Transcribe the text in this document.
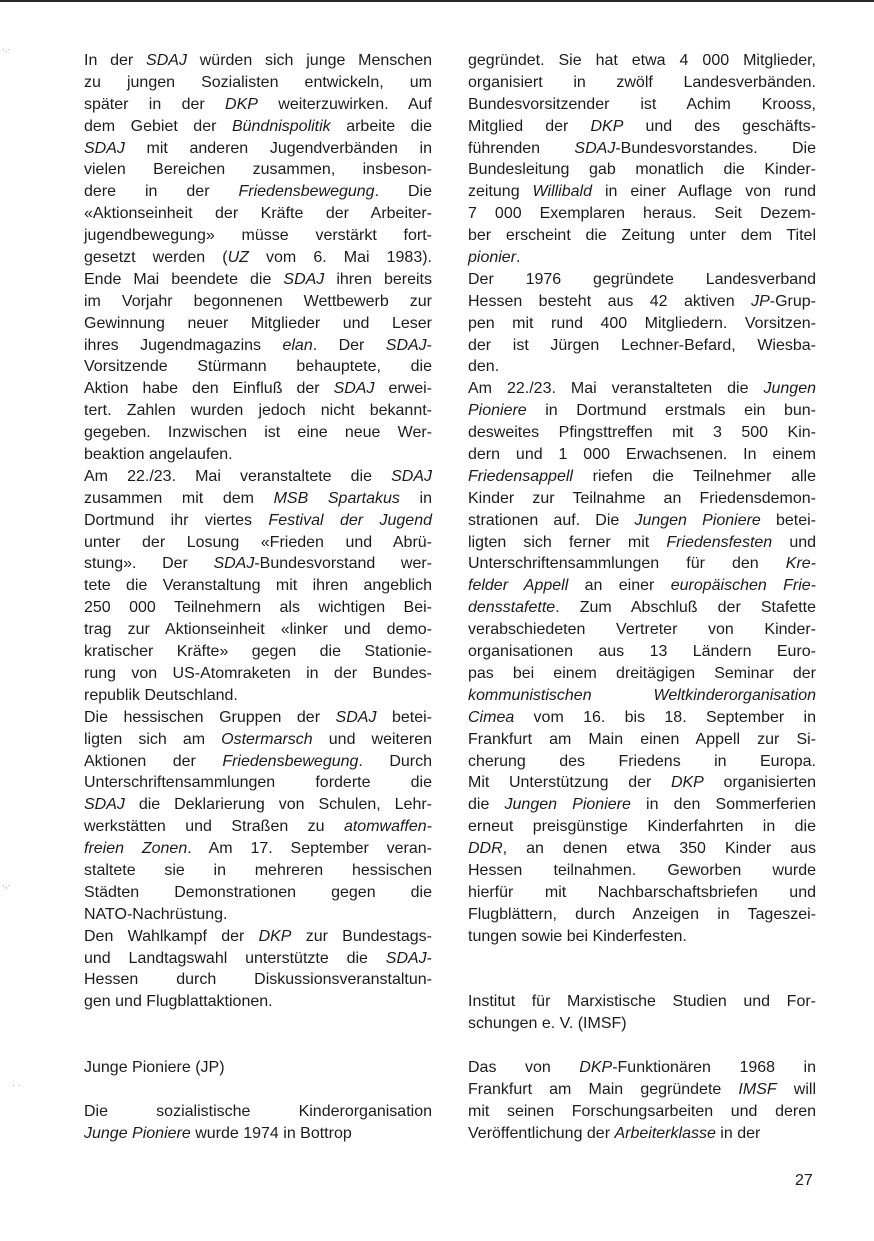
·.·
·,·
· ·
In der SDAJ würden sich junge Menschen
zu jungen Sozialisten entwickeln, um
später in der DKP weiterzuwirken. Auf
dem Gebiet der Bündnispolitik arbeite die
SDAJ mit anderen Jugendverbänden in
vielen Bereichen zusammen, insbeson-
dere in der Friedensbewegung. Die
«Aktionseinheit der Kräfte der Arbeiter-
jugendbewegung» müsse verstärkt fort-
gesetzt werden (UZ vom 6. Mai 1983).
Ende Mai beendete die SDAJ ihren bereits
im Vorjahr begonnenen Wettbewerb zur
Gewinnung neuer Mitglieder und Leser
ihres Jugendmagazins elan. Der SDAJ-
Vorsitzende Stürmann behauptete, die
Aktion habe den Einfluß der SDAJ erwei-
tert. Zahlen wurden jedoch nicht bekannt-
gegeben. Inzwischen ist eine neue Wer-
beaktion angelaufen.
Am 22./23. Mai veranstaltete die SDAJ
zusammen mit dem MSB Spartakus in
Dortmund ihr viertes Festival der Jugend
unter der Losung «Frieden und Abrü-
stung». Der SDAJ-Bundesvorstand wer-
tete die Veranstaltung mit ihren angeblich
250 000 Teilnehmern als wichtigen Bei-
trag zur Aktionseinheit «linker und demo-
kratischer Kräfte» gegen die Stationie-
rung von US-Atomraketen in der Bundes-
republik Deutschland.
Die hessischen Gruppen der SDAJ betei-
ligten sich am Ostermarsch und weiteren
Aktionen der Friedensbewegung. Durch
Unterschriftensammlungen forderte die
SDAJ die Deklarierung von Schulen, Lehr-
werkstätten und Straßen zu atomwaffen-
freien Zonen. Am 17. September veran-
staltete sie in mehreren hessischen
Städten Demonstrationen gegen die
NATO-Nachrüstung.
Den Wahlkampf der DKP zur Bundestags-
und Landtagswahl unterstützte die SDAJ-
Hessen durch Diskussionsveranstaltun-
gen und Flugblattaktionen.
Junge Pioniere (JP)
Die sozialistische Kinderorganisation
Junge Pioniere wurde 1974 in Bottrop
gegründet. Sie hat etwa 4 000 Mitglieder,
organisiert in zwölf Landesverbänden.
Bundesvorsitzender ist Achim Krooss,
Mitglied der DKP und des geschäfts-
führenden SDAJ-Bundesvorstandes. Die
Bundesleitung gab monatlich die Kinder-
zeitung Willibald in einer Auflage von rund
7 000 Exemplaren heraus. Seit Dezem-
ber erscheint die Zeitung unter dem Titel
pionier.
Der 1976 gegründete Landesverband
Hessen besteht aus 42 aktiven JP-Grup-
pen mit rund 400 Mitgliedern. Vorsitzen-
der ist Jürgen Lechner-Befard, Wiesba-
den.
Am 22./23. Mai veranstalteten die Jungen
Pioniere in Dortmund erstmals ein bun-
desweites Pfingsttreffen mit 3 500 Kin-
dern und 1 000 Erwachsenen. In einem
Friedensappell riefen die Teilnehmer alle
Kinder zur Teilnahme an Friedensdemon-
strationen auf. Die Jungen Pioniere betei-
ligten sich ferner mit Friedensfesten und
Unterschriftensammlungen für den Kre-
felder Appell an einer europäischen Frie-
densstafette. Zum Abschluß der Stafette
verabschiedeten Vertreter von Kinder-
organisationen aus 13 Ländern Euro-
pas bei einem dreitägigen Seminar der
kommunistischen Weltkinderorganisation
Cimea vom 16. bis 18. September in
Frankfurt am Main einen Appell zur Si-
cherung des Friedens in Europa.
Mit Unterstützung der DKP organisierten
die Jungen Pioniere in den Sommerferien
erneut preisgünstige Kinderfahrten in die
DDR, an denen etwa 350 Kinder aus
Hessen teilnahmen. Geworben wurde
hierfür mit Nachbarschaftsbriefen und
Flugblättern, durch Anzeigen in Tageszei-
tungen sowie bei Kinderfesten.
Institut für Marxistische Studien und For-
schungen e. V. (IMSF)
Das von DKP-Funktionären 1968 in
Frankfurt am Main gegründete IMSF will
mit seinen Forschungsarbeiten und deren
Veröffentlichung der Arbeiterklasse in der
27
